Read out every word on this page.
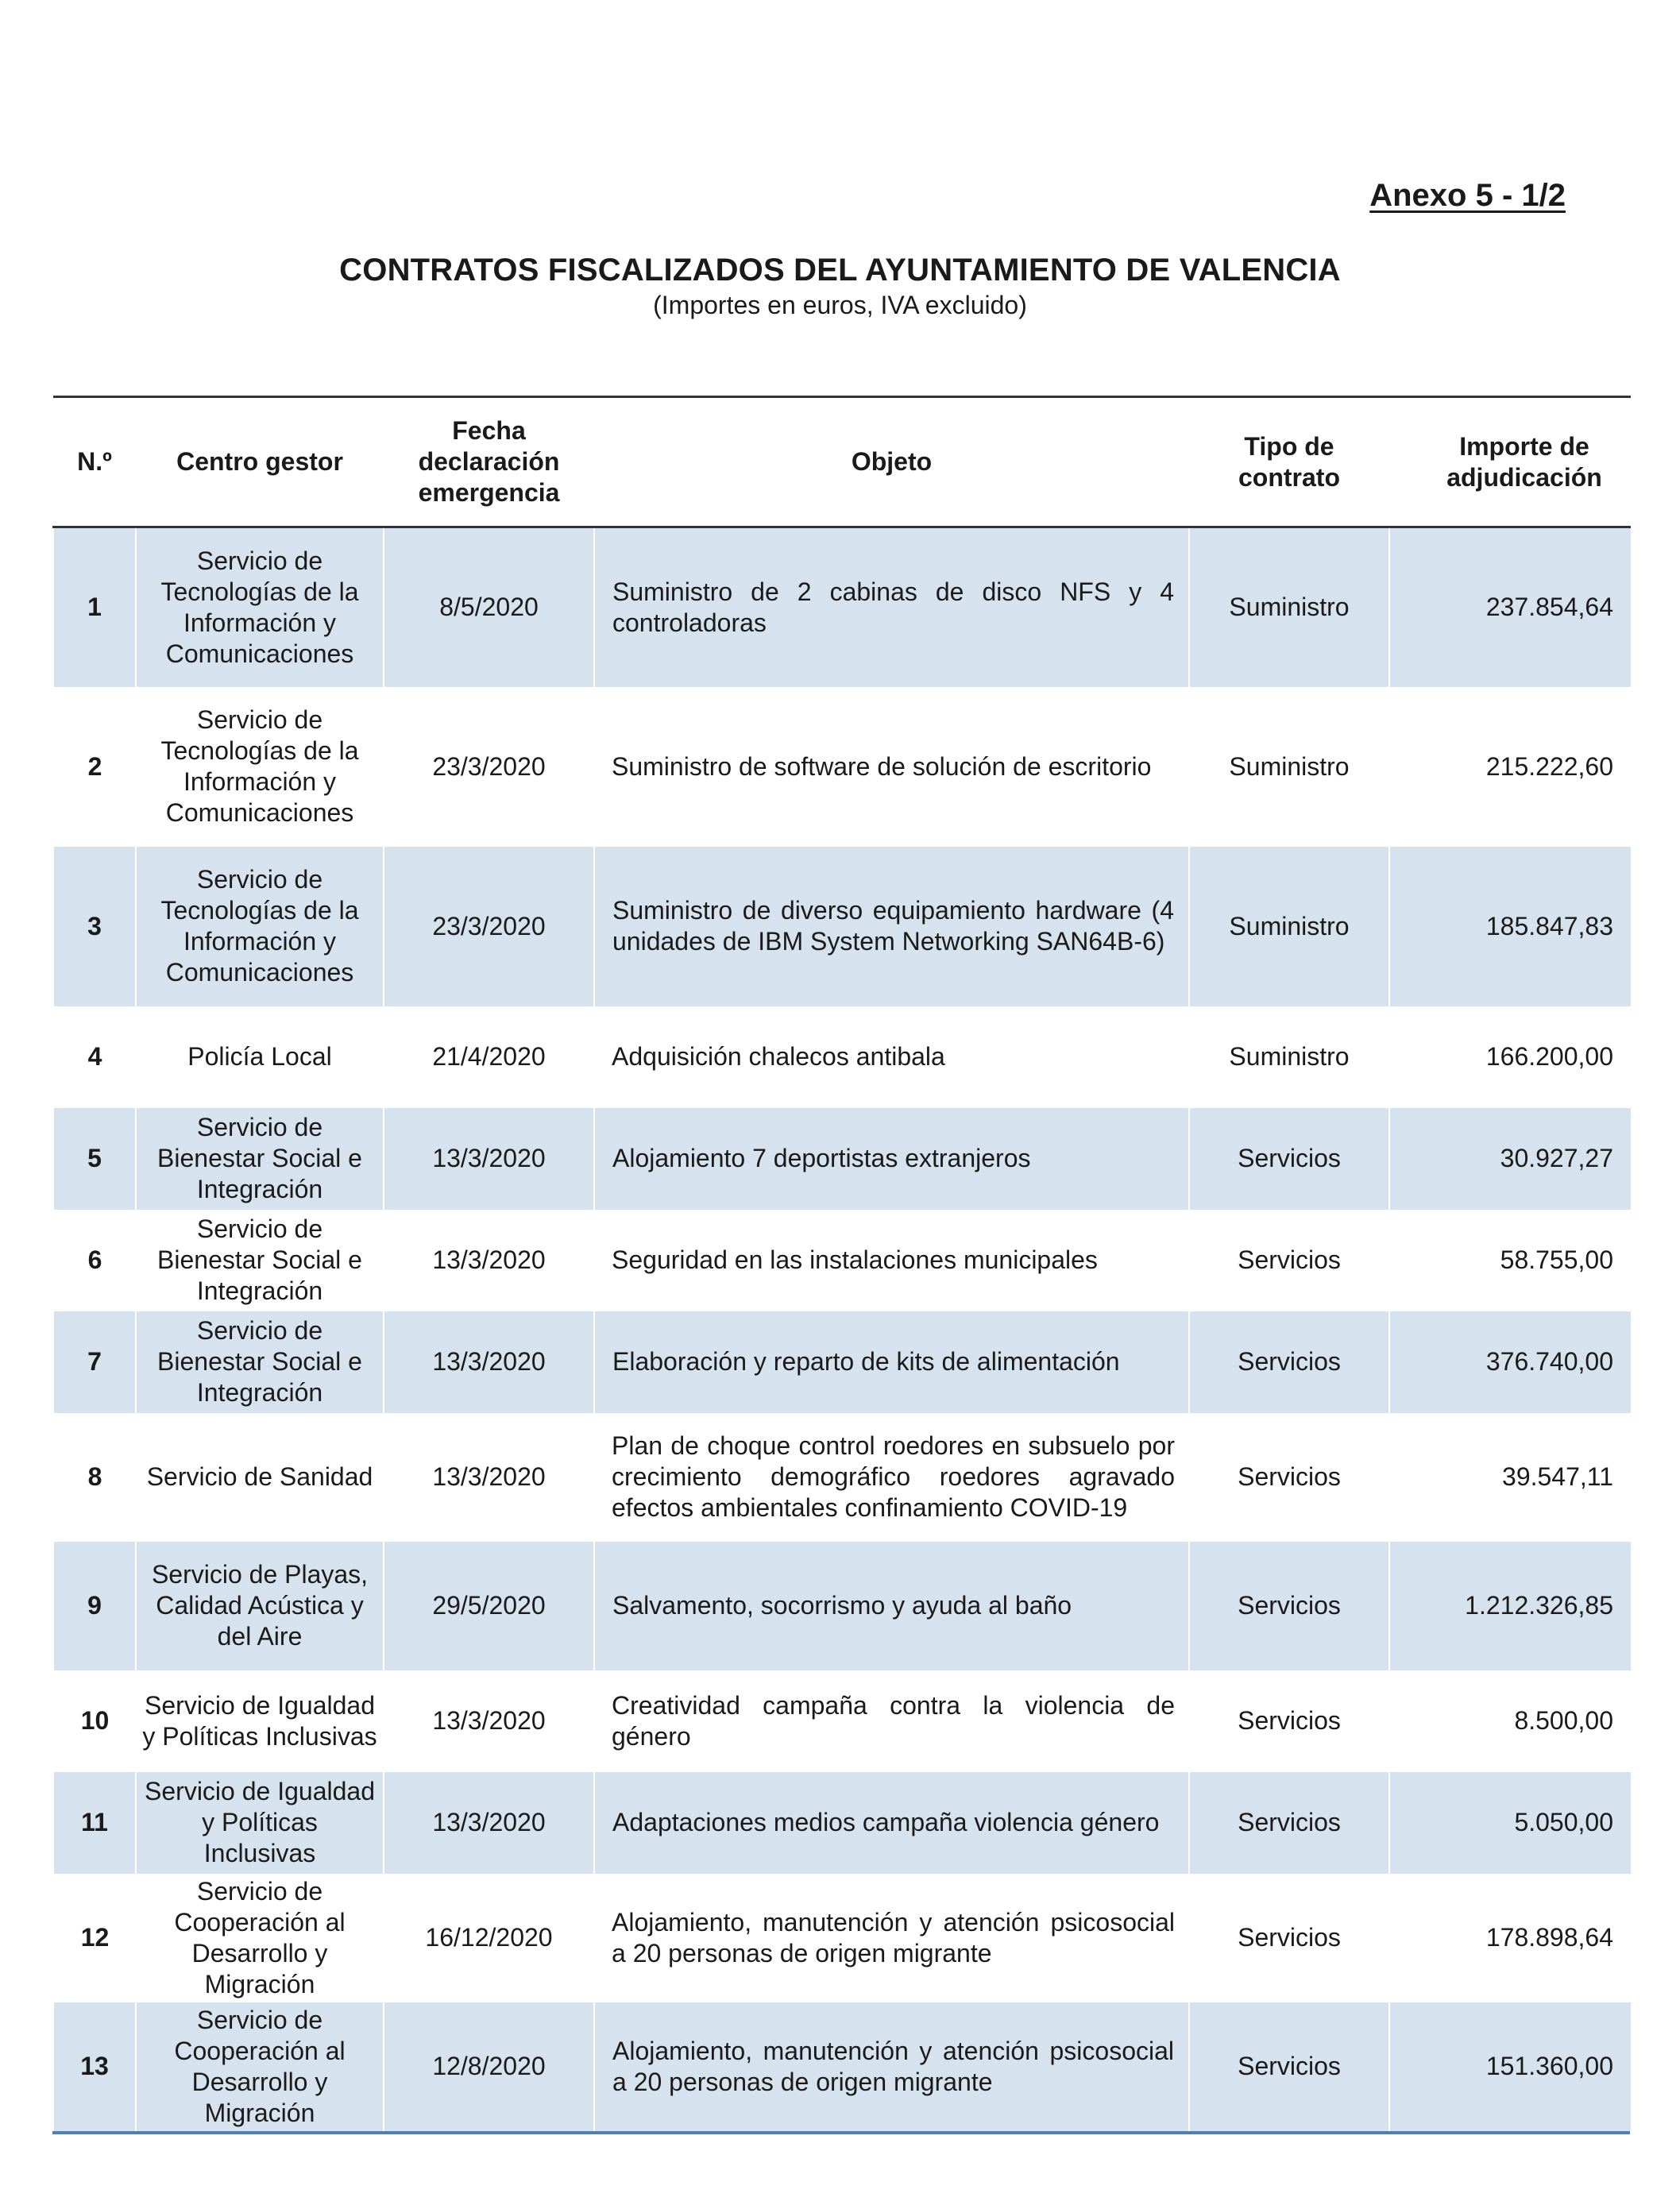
Anexo 5 - 1/2
CONTRATOS FISCALIZADOS DEL AYUNTAMIENTO DE VALENCIA
(Importes en euros, IVA excluido)
N.º	Centro gestor	Fecha declaración emergencia	Objeto	Tipo de contrato	Importe de adjudicación
1	Servicio de Tecnologías de la Información y Comunicaciones	8/5/2020	Suministro de 2 cabinas de disco NFS y 4 controladoras	Suministro	237.854,64
2	Servicio de Tecnologías de la Información y Comunicaciones	23/3/2020	Suministro de software de solución de escritorio	Suministro	215.222,60
3	Servicio de Tecnologías de la Información y Comunicaciones	23/3/2020	Suministro de diverso equipamiento hardware (4 unidades de IBM System Networking SAN64B-6)	Suministro	185.847,83
4	Policía Local	21/4/2020	Adquisición chalecos antibala	Suministro	166.200,00
5	Servicio de Bienestar Social e Integración	13/3/2020	Alojamiento 7 deportistas extranjeros	Servicios	30.927,27
6	Servicio de Bienestar Social e Integración	13/3/2020	Seguridad en las instalaciones municipales	Servicios	58.755,00
7	Servicio de Bienestar Social e Integración	13/3/2020	Elaboración y reparto de kits de alimentación	Servicios	376.740,00
8	Servicio de Sanidad	13/3/2020	Plan de choque control roedores en subsuelo por crecimiento demográfico roedores agravado efectos ambientales confinamiento COVID-19	Servicios	39.547,11
9	Servicio de Playas, Calidad Acústica y del Aire	29/5/2020	Salvamento, socorrismo y ayuda al baño	Servicios	1.212.326,85
10	Servicio de Igualdad y Políticas Inclusivas	13/3/2020	Creatividad campaña contra la violencia de género	Servicios	8.500,00
11	Servicio de Igualdad y Políticas Inclusivas	13/3/2020	Adaptaciones medios campaña violencia género	Servicios	5.050,00
12	Servicio de Cooperación al Desarrollo y Migración	16/12/2020	Alojamiento, manutención y atención psicosocial a 20 personas de origen migrante	Servicios	178.898,64
13	Servicio de Cooperación al Desarrollo y Migración	12/8/2020	Alojamiento, manutención y atención psicosocial a 20 personas de origen migrante	Servicios	151.360,00
